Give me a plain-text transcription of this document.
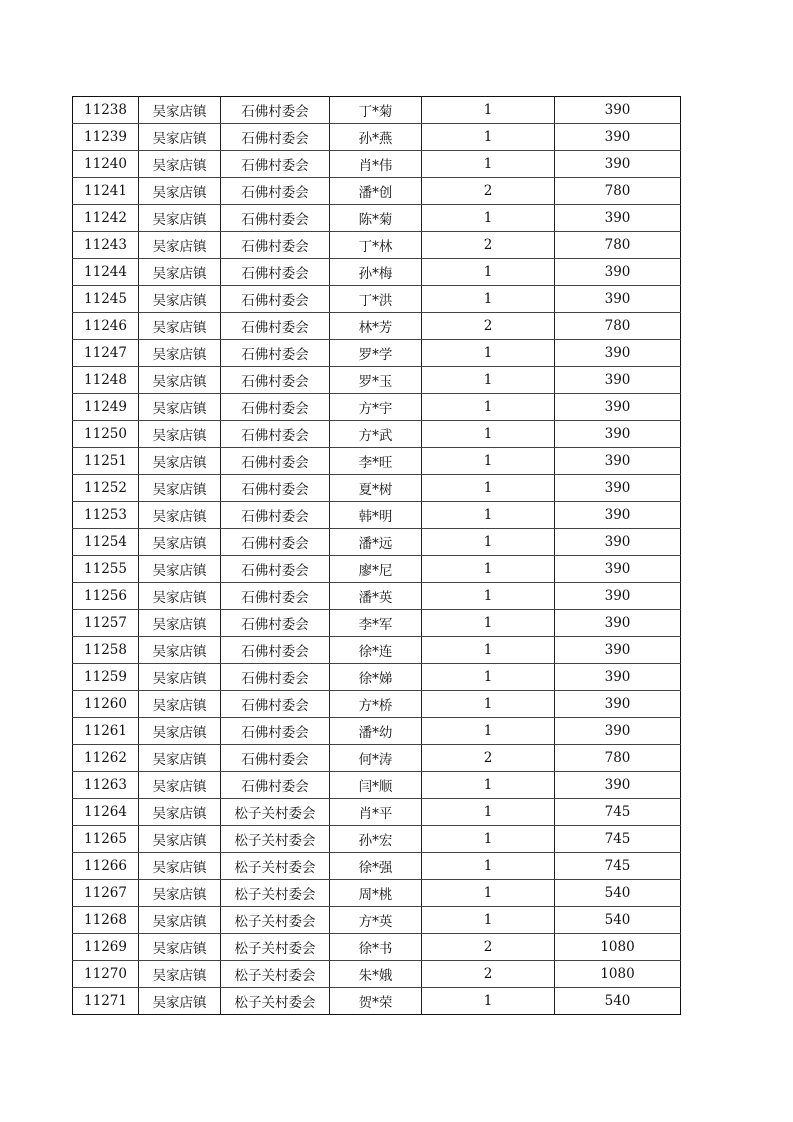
11238	吴家店镇	石佛村委会	丁*菊	1	390
11239	吴家店镇	石佛村委会	孙*燕	1	390
11240	吴家店镇	石佛村委会	肖*伟	1	390
11241	吴家店镇	石佛村委会	潘*创	2	780
11242	吴家店镇	石佛村委会	陈*菊	1	390
11243	吴家店镇	石佛村委会	丁*林	2	780
11244	吴家店镇	石佛村委会	孙*梅	1	390
11245	吴家店镇	石佛村委会	丁*洪	1	390
11246	吴家店镇	石佛村委会	林*芳	2	780
11247	吴家店镇	石佛村委会	罗*学	1	390
11248	吴家店镇	石佛村委会	罗*玉	1	390
11249	吴家店镇	石佛村委会	方*宇	1	390
11250	吴家店镇	石佛村委会	方*武	1	390
11251	吴家店镇	石佛村委会	李*旺	1	390
11252	吴家店镇	石佛村委会	夏*树	1	390
11253	吴家店镇	石佛村委会	韩*明	1	390
11254	吴家店镇	石佛村委会	潘*远	1	390
11255	吴家店镇	石佛村委会	廖*尼	1	390
11256	吴家店镇	石佛村委会	潘*英	1	390
11257	吴家店镇	石佛村委会	李*军	1	390
11258	吴家店镇	石佛村委会	徐*连	1	390
11259	吴家店镇	石佛村委会	徐*娣	1	390
11260	吴家店镇	石佛村委会	方*桥	1	390
11261	吴家店镇	石佛村委会	潘*幼	1	390
11262	吴家店镇	石佛村委会	何*涛	2	780
11263	吴家店镇	石佛村委会	闫*顺	1	390
11264	吴家店镇	松子关村委会	肖*平	1	745
11265	吴家店镇	松子关村委会	孙*宏	1	745
11266	吴家店镇	松子关村委会	徐*强	1	745
11267	吴家店镇	松子关村委会	周*桃	1	540
11268	吴家店镇	松子关村委会	方*英	1	540
11269	吴家店镇	松子关村委会	徐*书	2	1080
11270	吴家店镇	松子关村委会	朱*娥	2	1080
11271	吴家店镇	松子关村委会	贺*荣	1	540
